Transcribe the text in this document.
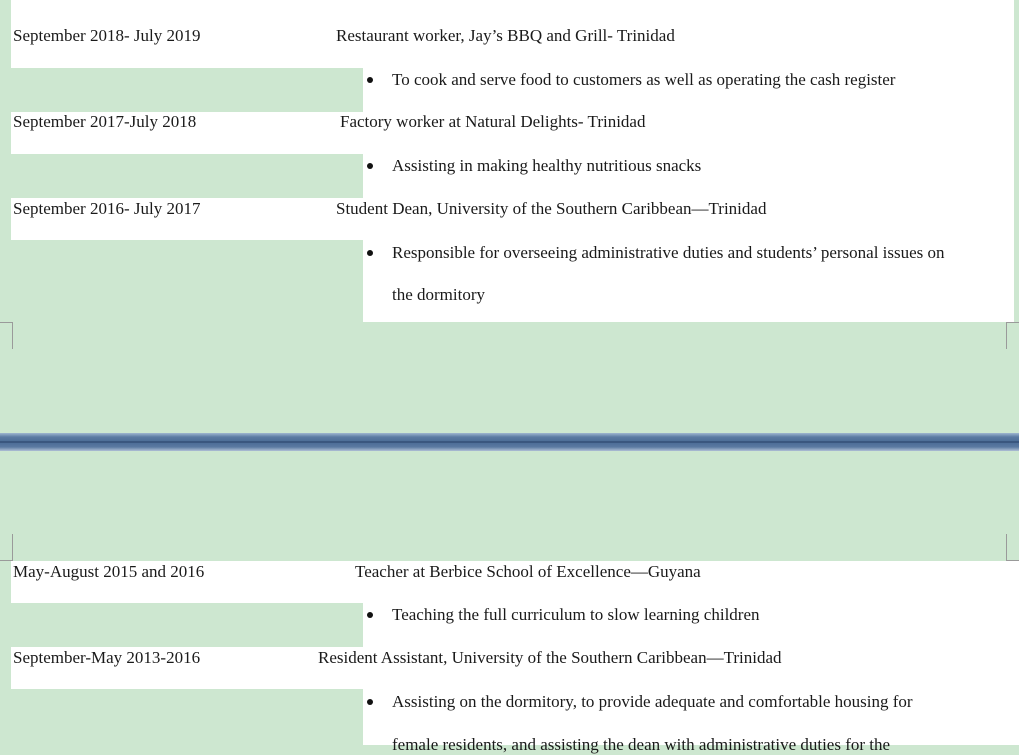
September 2018- July 2019	Restaurant worker, Jay’s BBQ and Grill- Trinidad
To cook and serve food to customers as well as operating the cash register
September 2017-July 2018	Factory worker at Natural Delights- Trinidad
Assisting in making healthy nutritious snacks
September 2016- July 2017	Student Dean, University of the Southern Caribbean—Trinidad
Responsible for overseeing administrative duties and students’ personal issues on
the dormitory
May-August 2015 and 2016	Teacher at Berbice School of Excellence—Guyana
Teaching the full curriculum to slow learning children
September-May 2013-2016	Resident Assistant, University of the Southern Caribbean—Trinidad
Assisting on the dormitory, to provide adequate and comfortable housing for
female residents, and assisting the dean with administrative duties for the
